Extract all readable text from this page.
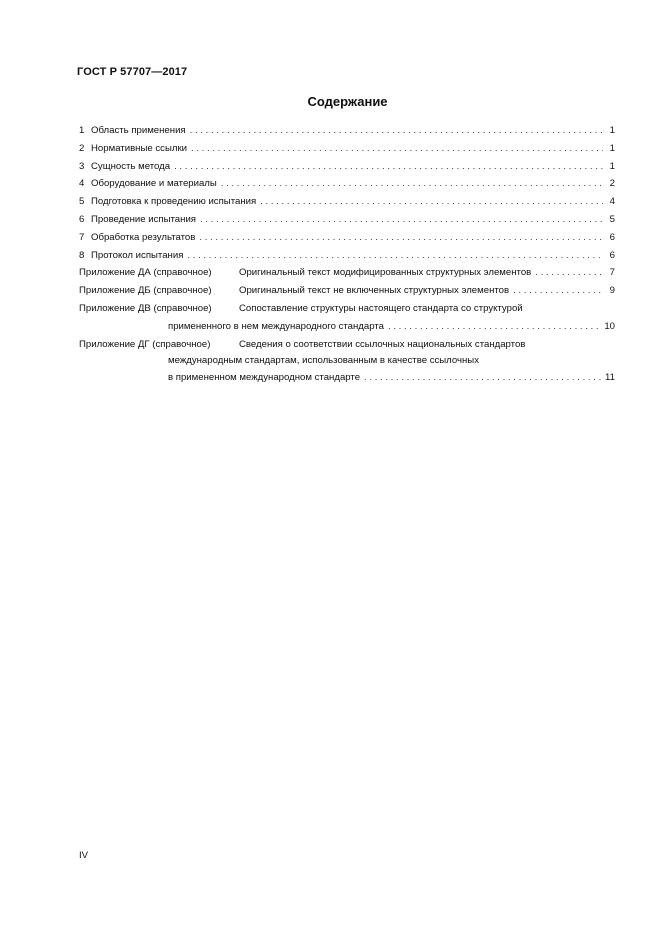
ГОСТ Р 57707—2017
Содержание
1 Область применения . . .	1
2 Нормативные ссылки . . .	1
3 Сущность метода . . .	1
4 Оборудование и материалы . . .	2
5 Подготовка к проведению испытания . . .	4
6 Проведение испытания . . .	5
7 Обработка результатов . . .	6
8 Протокол испытания . . .	6
Приложение ДА (справочное)	Оригинальный текст модифицированных структурных элементов . . .	7
Приложение ДБ (справочное)	Оригинальный текст не включенных структурных элементов . . .	9
Приложение ДВ (справочное)	Сопоставление структуры настоящего стандарта со структурой
примененного в нем международного стандарта . . .	10
Приложение ДГ (справочное)	Сведения о соответствии ссылочных национальных стандартов
международным стандартам, использованным в качестве ссылочных
в примененном международном стандарте . . .	11
IV
